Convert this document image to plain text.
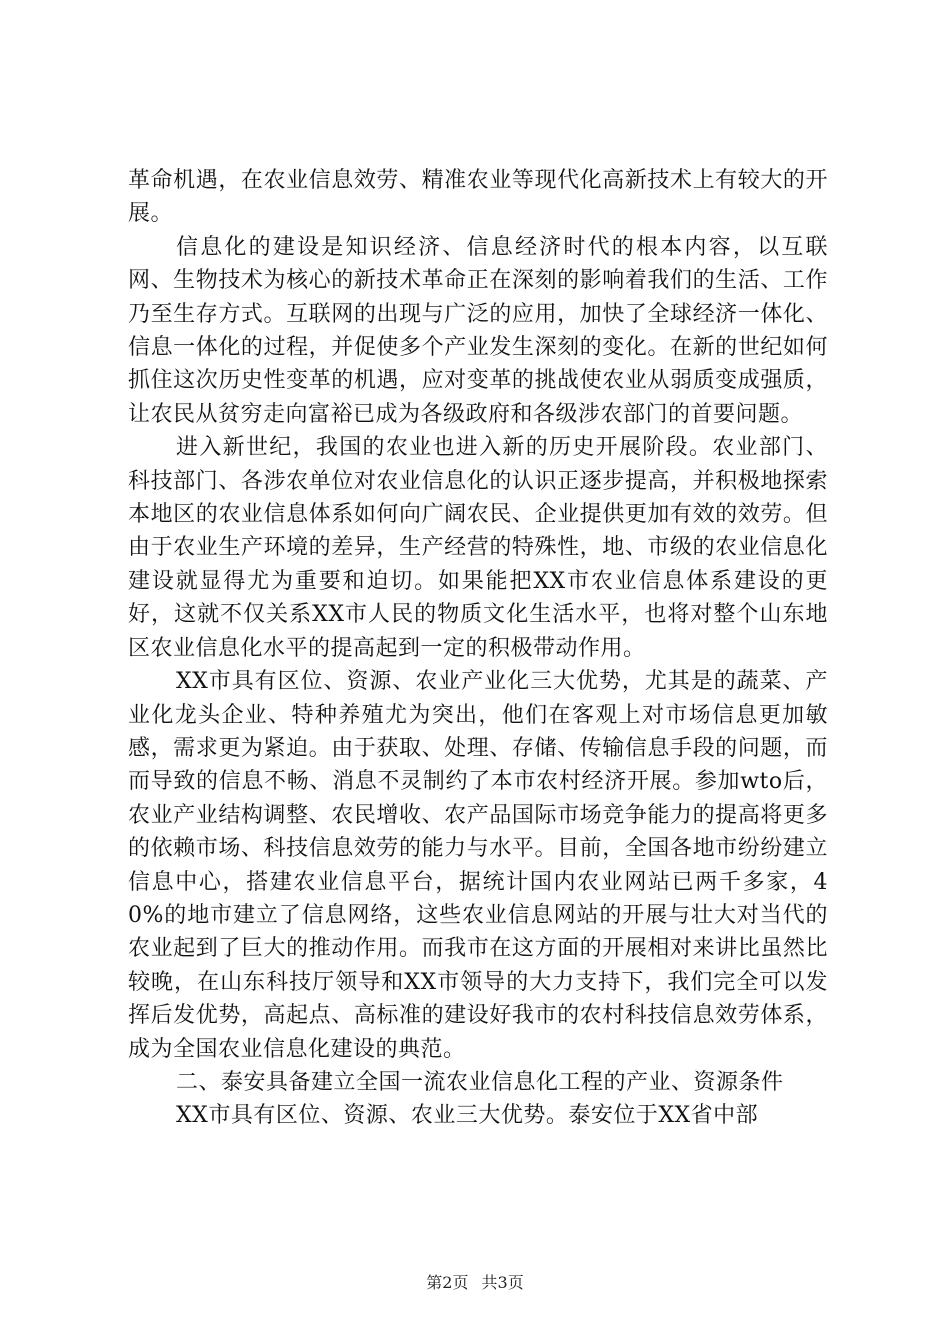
革命机遇，在农业信息效劳、精准农业等现代化高新技术上有较大的开展。

信息化的建设是知识经济、信息经济时代的根本内容，以互联网、生物技术为核心的新技术革命正在深刻的影响着我们的生活、工作乃至生存方式。互联网的出现与广泛的应用，加快了全球经济一体化、信息一体化的过程，并促使多个产业发生深刻的变化。在新的世纪如何抓住这次历史性变革的机遇，应对变革的挑战使农业从弱质变成强质，让农民从贫穷走向富裕已成为各级政府和各级涉农部门的首要问题。

进入新世纪，我国的农业也进入新的历史开展阶段。农业部门、科技部门、各涉农单位对农业信息化的认识正逐步提高，并积极地探索本地区的农业信息体系如何向广阔农民、企业提供更加有效的效劳。但由于农业生产环境的差异，生产经营的特殊性，地、市级的农业信息化建设就显得尤为重要和迫切。如果能把XX市农业信息体系建设的更好，这就不仅关系XX市人民的物质文化生活水平，也将对整个山东地区农业信息化水平的提高起到一定的积极带动作用。

XX市具有区位、资源、农业产业化三大优势，尤其是的蔬菜、产业化龙头企业、特种养殖尤为突出，他们在客观上对市场信息更加敏感，需求更为紧迫。由于获取、处理、存储、传输信息手段的问题，而而导致的信息不畅、消息不灵制约了本市农村经济开展。参加wto后，农业产业结构调整、农民增收、农产品国际市场竞争能力的提高将更多的依赖市场、科技信息效劳的能力与水平。目前，全国各地市纷纷建立信息中心，搭建农业信息平台，据统计国内农业网站已两千多家，40%的地市建立了信息网络，这些农业信息网站的开展与壮大对当代的农业起到了巨大的推动作用。而我市在这方面的开展相对来讲比虽然比较晚，在山东科技厅领导和XX市领导的大力支持下，我们完全可以发挥后发优势，高起点、高标准的建设好我市的农村科技信息效劳体系，成为全国农业信息化建设的典范。

二、泰安具备建立全国一流农业信息化工程的产业、资源条件

XX市具有区位、资源、农业三大优势。泰安位于XX省中部

第2页 共3页
